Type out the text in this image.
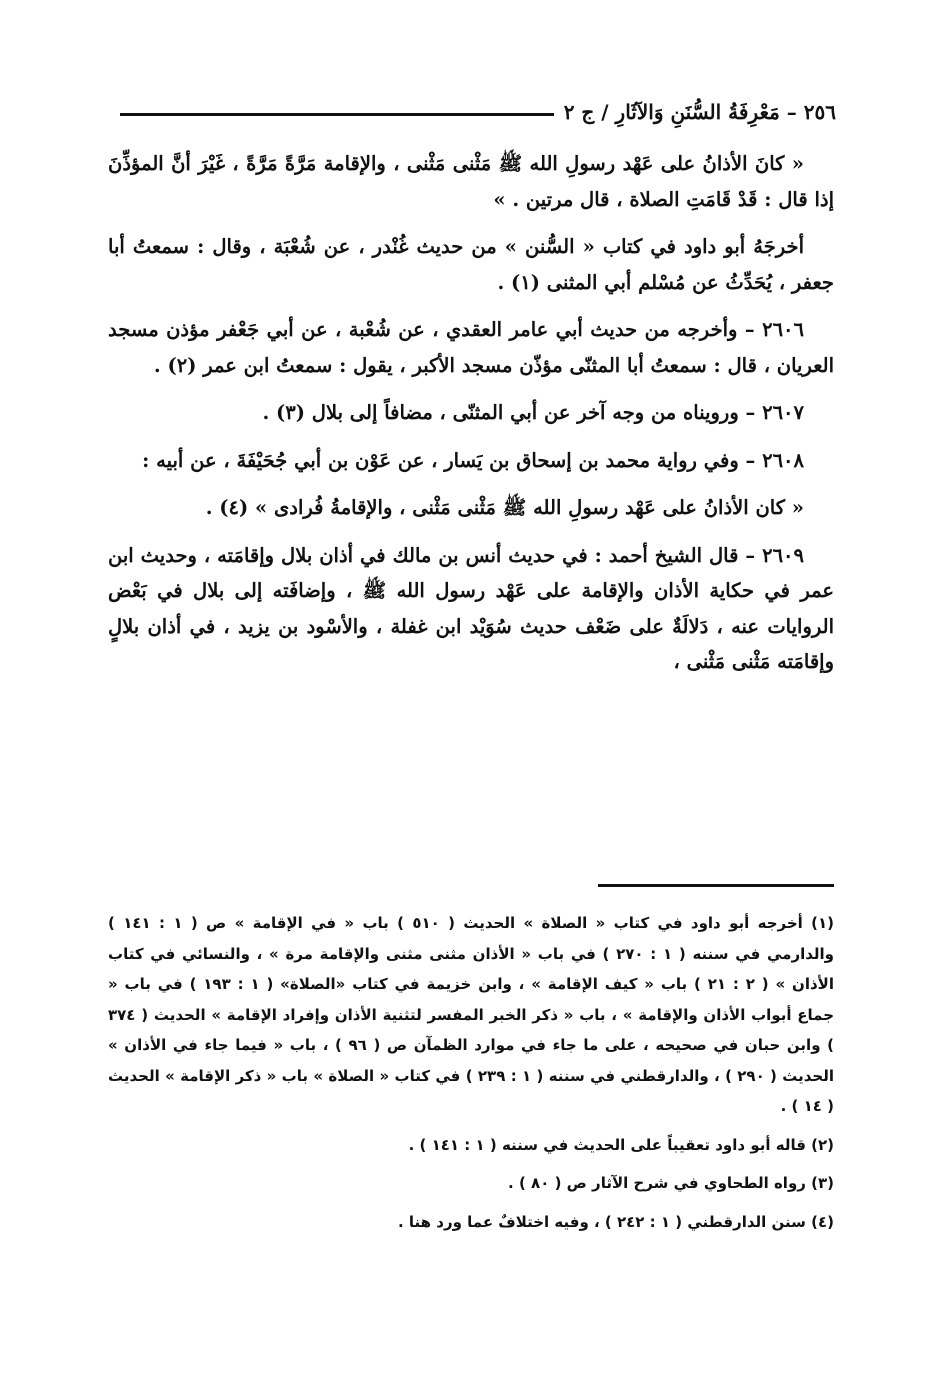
٢٥٦ – مَعْرِفَةُ السُّنَنِ وَالآثَارِ / ج ٢

« كانَ الأذانُ على عَهْد رسولِ الله ﷺ مَثْنى مَثْنى ، والإقامة مَرَّةً مَرَّةً ، غَيْرَ أنَّ المؤذِّنَ إذا قال : قَدْ قَامَتِ الصلاة ، قال مرتين . »

أخرجَهُ أبو داود في كتاب « السُّنن » من حديث غُنْدر ، عن شُعْبَة ، وقال : سمعتُ أبا جعفر ، يُحَدِّثُ عن مُسْلم أبي المثنى (١) .

٢٦٠٦ – وأخرجه من حديث أبي عامر العقدي ، عن شُعْبة ، عن أبي جَعْفر مؤذن مسجد العريان ، قال : سمعتُ أبا المثنّى مؤذّن مسجد الأكبر ، يقول : سمعتُ ابن عمر (٢) .

٢٦٠٧ – ورويناه من وجه آخر عن أبي المثنّى ، مضافاً إلى بلال (٣) .

٢٦٠٨ – وفي رواية محمد بن إسحاق بن يَسار ، عن عَوْن بن أبي جُحَيْفَةَ ، عن أبيه :

« كان الأذانُ على عَهْد رسولِ الله ﷺ مَثْنى مَثْنى ، والإقامةُ فُرادى » (٤) .

٢٦٠٩ – قال الشيخ أحمد : في حديث أنس بن مالك في أذان بلال وإقامَته ، وحديث ابن عمر في حكاية الأذان والإقامة على عَهْد رسول الله ﷺ ، وإضافَته إلى بلال في بَعْض الروايات عنه ، دَلالَةٌ على ضَعْف حديث سُوَيْد ابن غفلة ، والأسْود بن يزيد ، في أذان بلالٍ وإقامَته مَثْنى مَثْنى ،

(١) أخرجه أبو داود في كتاب « الصلاة » الحديث ( ٥١٠ ) باب « في الإقامة » ص ( ١ : ١٤١ ) والدارمي في سننه ( ١ : ٢٧٠ ) في باب « الأذان مثنى مثنى والإقامة مرة » ، والنسائي في كتاب الأذان » ( ٢ : ٢١ ) باب « كيف الإقامة » ، وابن خزيمة في كتاب «الصلاة» ( ١ : ١٩٣ ) في باب « جماع أبواب الأذان والإقامة » ، باب « ذكر الخبر المفسر لتثنية الأذان وإفراد الإقامة » الحديث ( ٣٧٤ ) وابن حبان في صحيحه ، على ما جاء في موارد الظمآن ص ( ٩٦ ) ، باب « فيما جاء في الأذان » الحديث ( ٢٩٠ ) ، والدارقطني في سننه ( ١ : ٢٣٩ ) في كتاب « الصلاة » باب « ذكر الإقامة » الحديث ( ١٤ ) .

(٢) قاله أبو داود تعقيباً على الحديث في سننه ( ١ : ١٤١ ) .

(٣) رواه الطحاوي في شرح الآثار ص ( ٨٠ ) .

(٤) سنن الدارقطني ( ١ : ٢٤٢ ) ، وفيه اختلافٌ عما ورد هنا .
